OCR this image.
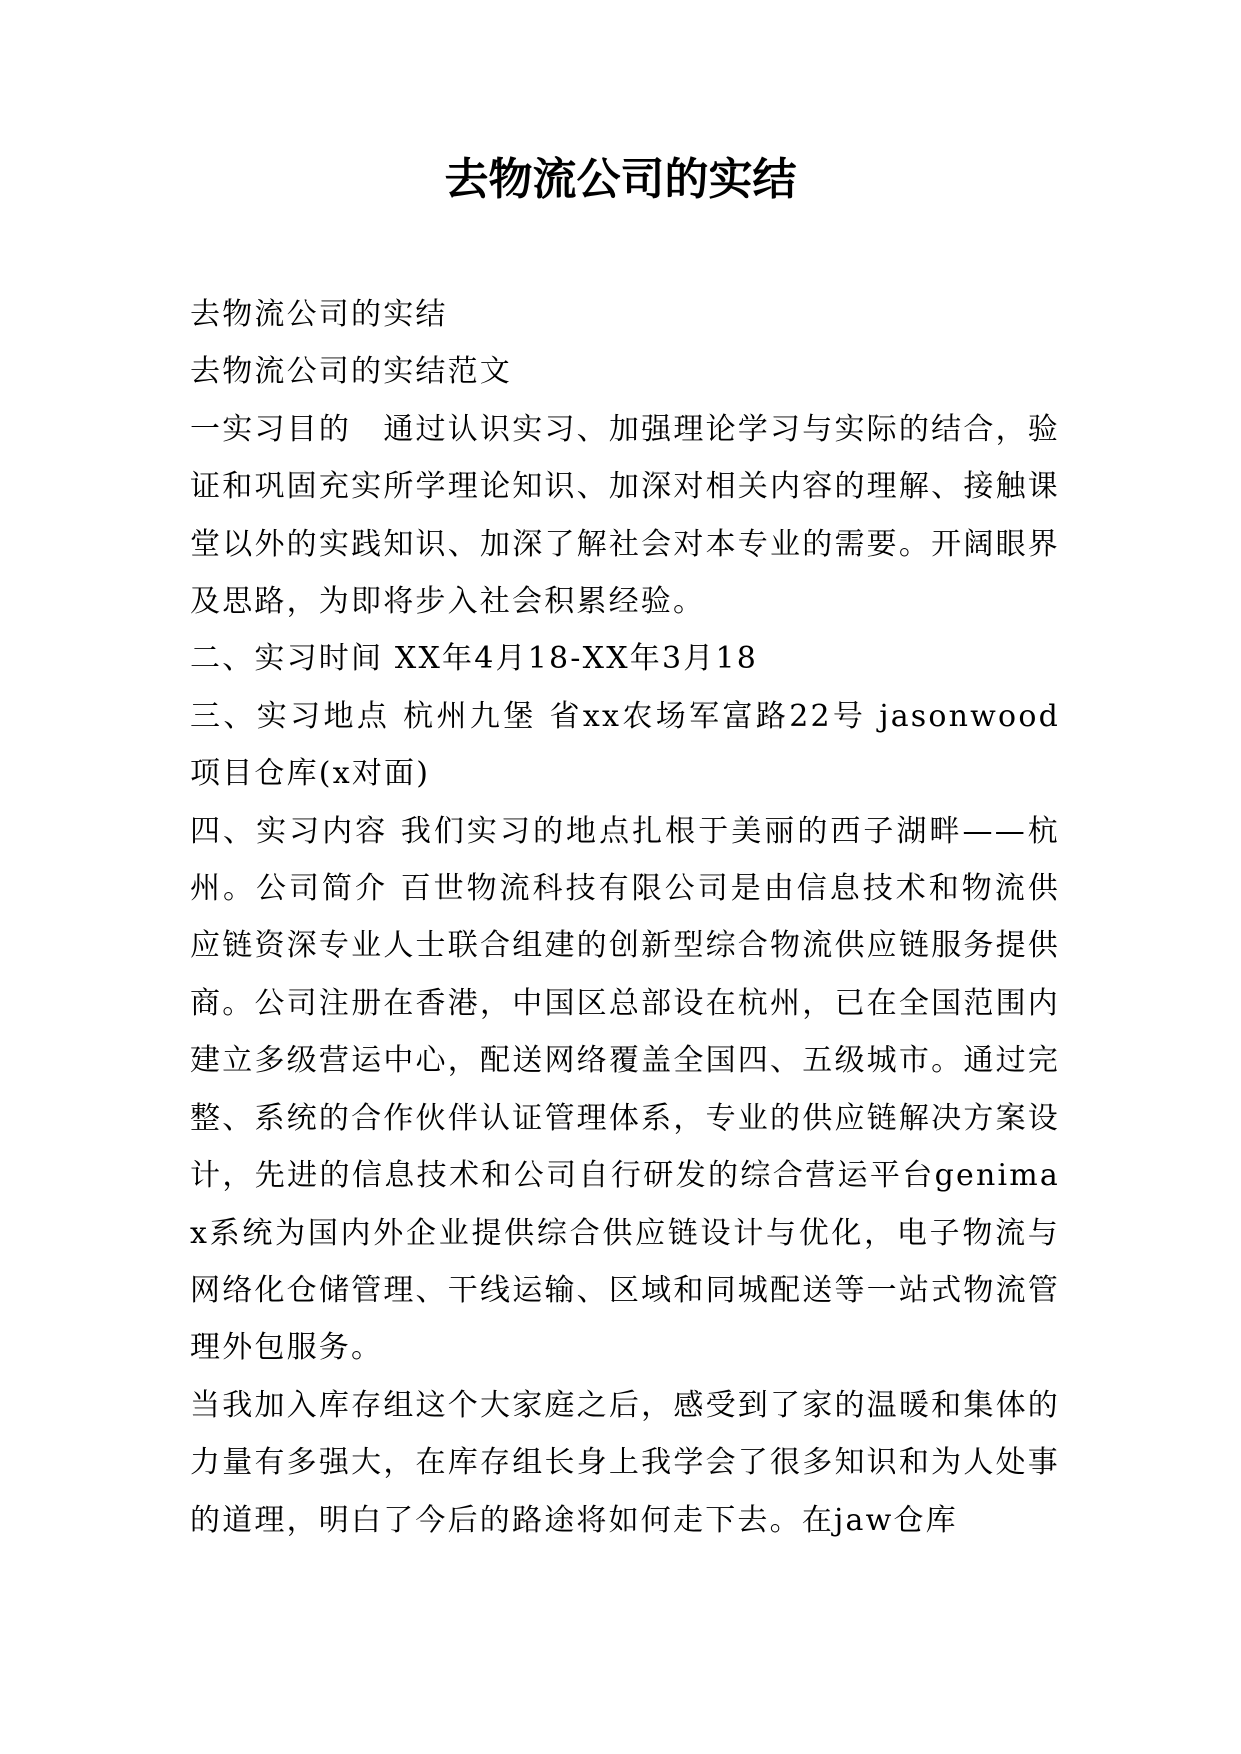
去物流公司的实结

去物流公司的实结

去物流公司的实结范文

一实习目的　通过认识实习、加强理论学习与实际的结合，验证和巩固充实所学理论知识、加深对相关内容的理解、接触课堂以外的实践知识、加深了解社会对本专业的需要。开阔眼界及思路，为即将步入社会积累经验。

二、实习时间 XX年4月18-XX年3月18

三、实习地点 杭州九堡 省xx农场军富路22号 jasonwood项目仓库(x对面)

四、实习内容 我们实习的地点扎根于美丽的西子湖畔——杭州。公司简介 百世物流科技有限公司是由信息技术和物流供应链资深专业人士联合组建的创新型综合物流供应链服务提供商。公司注册在香港，中国区总部设在杭州，已在全国范围内建立多级营运中心，配送网络覆盖全国四、五级城市。通过完整、系统的合作伙伴认证管理体系，专业的供应链解决方案设计，先进的信息技术和公司自行研发的综合营运平台genimax系统为国内外企业提供综合供应链设计与优化，电子物流与网络化仓储管理、干线运输、区域和同城配送等一站式物流管理外包服务。

当我加入库存组这个大家庭之后，感受到了家的温暖和集体的力量有多强大，在库存组长身上我学会了很多知识和为人处事的道理，明白了今后的路途将如何走下去。在jaw仓库
